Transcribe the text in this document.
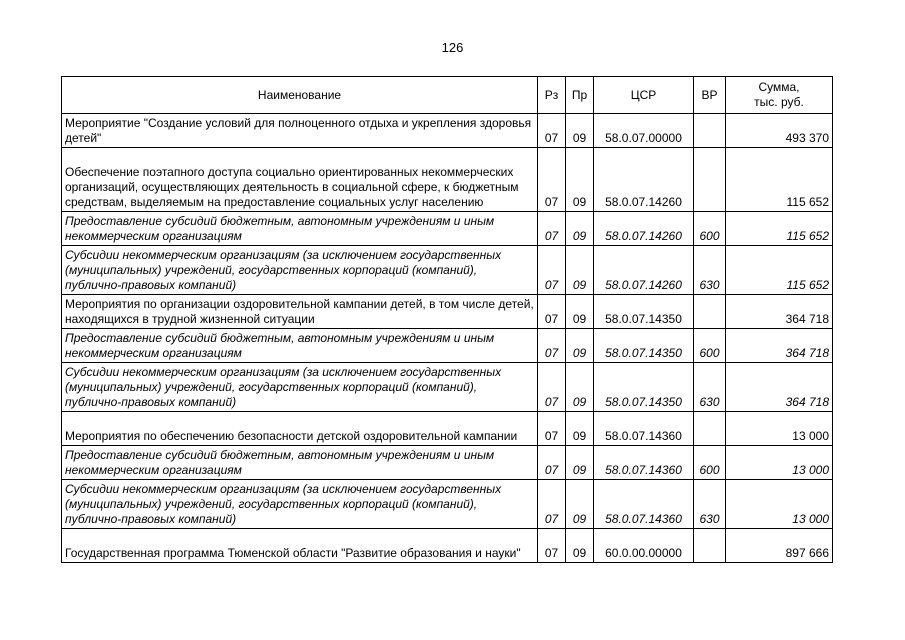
126
Наименование	Рз	Пр	ЦСР	ВР	Сумма,
тыс. руб.

Мероприятие "Создание условий для полноценного отдыха и укрепления здоровья детей"	07	09	58.0.07.00000		493 370
Обеспечение поэтапного доступа социально ориентированных некоммерческих организаций, осуществляющих деятельность в социальной сфере, к бюджетным средствам, выделяемым на предоставление социальных услуг населению	07	09	58.0.07.14260		115 652
Предоставление субсидий бюджетным, автономным учреждениям и иным некоммерческим организациям	07	09	58.0.07.14260	600	115 652
Субсидии некоммерческим организациям (за исключением государственных (муниципальных) учреждений, государственных корпораций (компаний), публично-правовых компаний)	07	09	58.0.07.14260	630	115 652
Мероприятия по организации оздоровительной кампании детей, в том числе детей, находящихся в трудной жизненной ситуации	07	09	58.0.07.14350		364 718
Предоставление субсидий бюджетным, автономным учреждениям и иным некоммерческим организациям	07	09	58.0.07.14350	600	364 718
Субсидии некоммерческим организациям (за исключением государственных (муниципальных) учреждений, государственных корпораций (компаний), публично-правовых компаний)	07	09	58.0.07.14350	630	364 718
Мероприятия по обеспечению безопасности детской оздоровительной кампании	07	09	58.0.07.14360		13 000
Предоставление субсидий бюджетным, автономным учреждениям и иным некоммерческим организациям	07	09	58.0.07.14360	600	13 000
Субсидии некоммерческим организациям (за исключением государственных (муниципальных) учреждений, государственных корпораций (компаний), публично-правовых компаний)	07	09	58.0.07.14360	630	13 000
Государственная программа Тюменской области "Развитие образования и науки"	07	09	60.0.00.00000		897 666
